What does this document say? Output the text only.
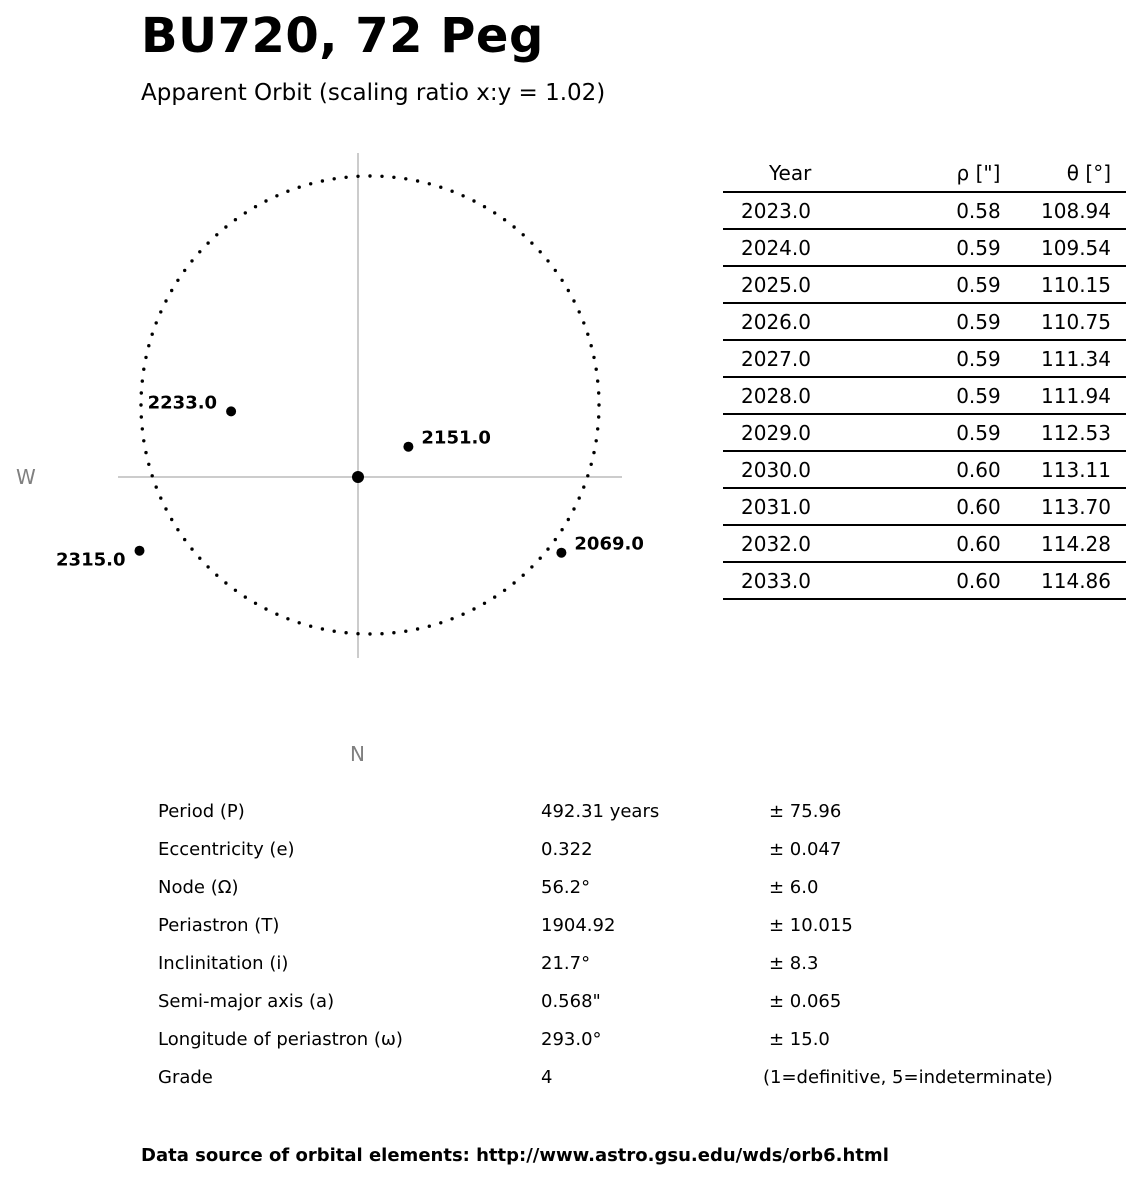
BU720, 72 Peg
Apparent Orbit (scaling ratio x:y = 1.02)
2151.0
2233.0
2069.0
2315.0
W
N
Year	ρ ["]	θ [°]
2023.0	0.58	108.94
2024.0	0.59	109.54
2025.0	0.59	110.15
2026.0	0.59	110.75
2027.0	0.59	111.34
2028.0	0.59	111.94
2029.0	0.59	112.53
2030.0	0.60	113.11
2031.0	0.60	113.70
2032.0	0.60	114.28
2033.0	0.60	114.86
Period (P)	492.31 years	± 75.96
Eccentricity (e)	0.322	± 0.047
Node (Ω)	56.2°	± 6.0
Periastron (T)	1904.92	± 10.015
Inclinitation (i)	21.7°	± 8.3
Semi-major axis (a)	0.568"	± 0.065
Longitude of periastron (ω)	293.0°	± 15.0
Grade	4	(1=definitive, 5=indeterminate)
Data source of orbital elements: http://www.astro.gsu.edu/wds/orb6.html
